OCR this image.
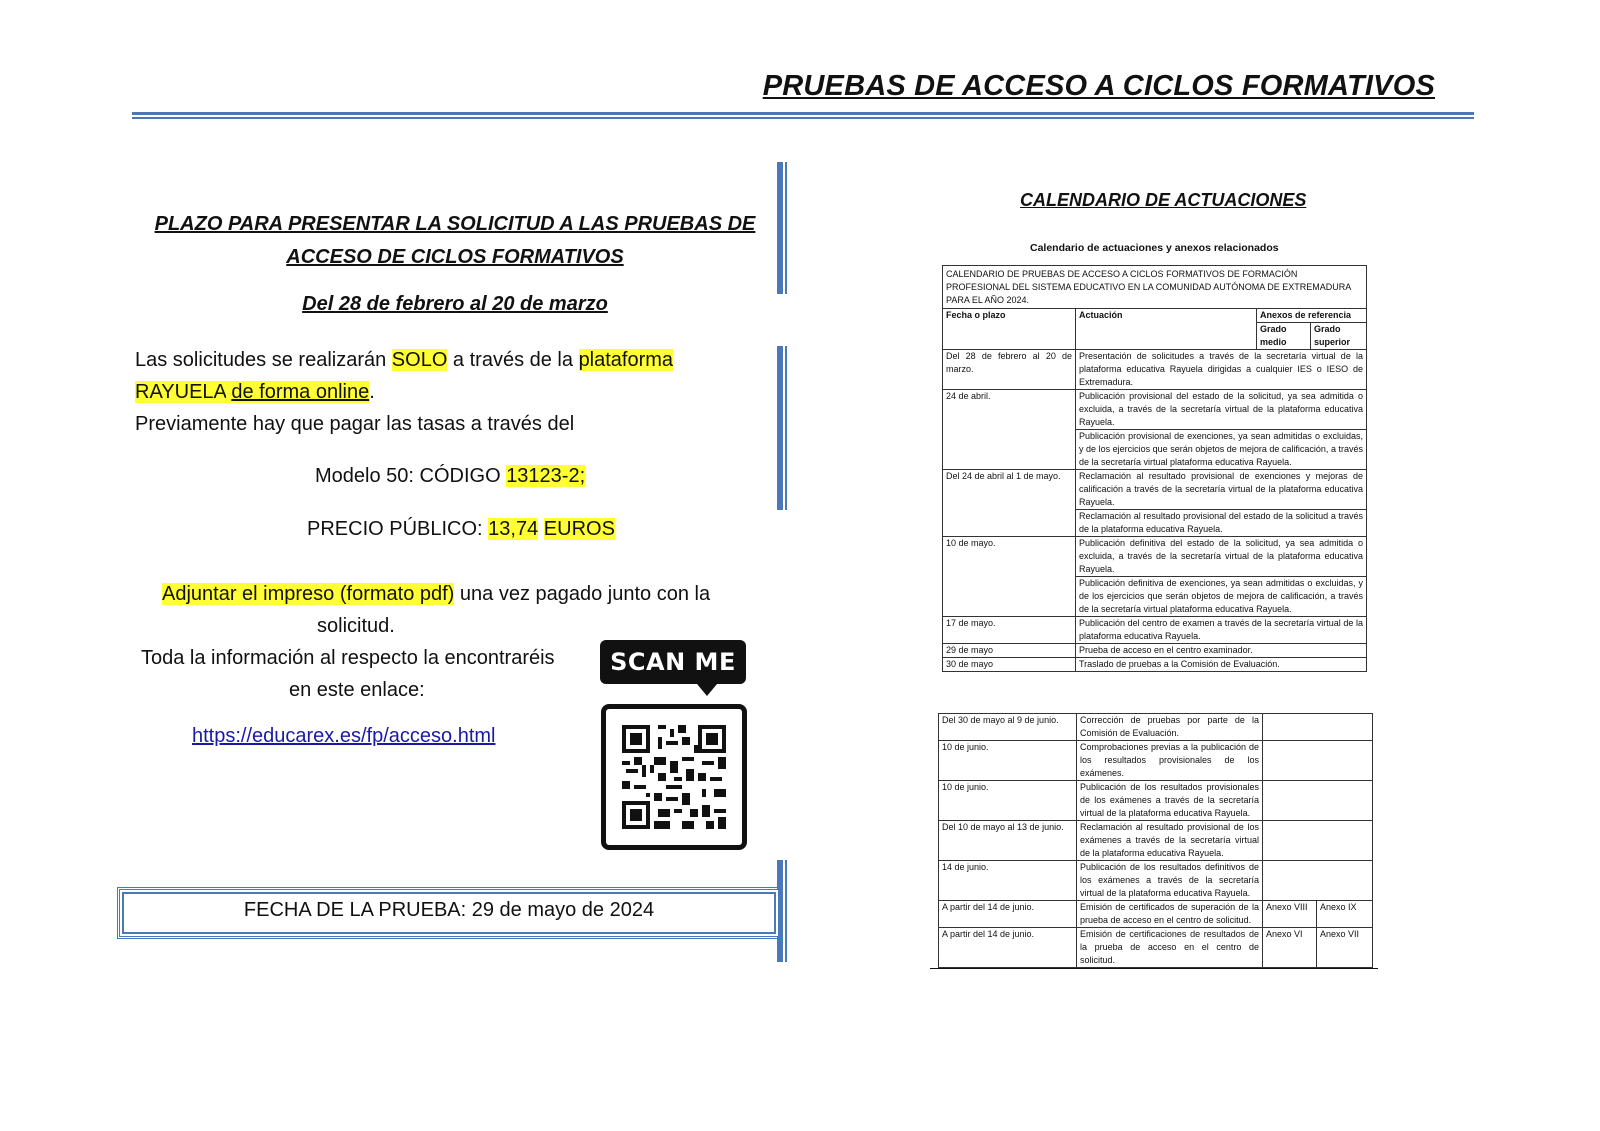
PRUEBAS DE ACCESO A CICLOS FORMATIVOS
PLAZO PARA PRESENTAR LA SOLICITUD A LAS PRUEBAS DE
ACCESO DE CICLOS FORMATIVOS
Del 28 de febrero al 20 de marzo
Las solicitudes se realizarán SOLO a través de la plataforma
RAYUELA de forma online.
Previamente hay que pagar las tasas a través del
Modelo 50: CÓDIGO 13123-2;
PRECIO PÚBLICO: 13,74 EUROS
Adjuntar el impreso (formato pdf) una vez pagado junto con la
solicitud.
Toda la información al respecto la encontraréis
en este enlace:
https://educarex.es/fp/acceso.html
SCAN ME
FECHA DE LA PRUEBA: 29 de mayo de 2024
CALENDARIO DE ACTUACIONES
Calendario de actuaciones y anexos relacionados
CALENDARIO DE PRUEBAS DE ACCESO A CICLOS FORMATIVOS DE FORMACIÓN PROFESIONAL DEL SISTEMA EDUCATIVO EN LA COMUNIDAD AUTÓNOMA DE EXTREMADURA PARA EL AÑO 2024.			
Fecha o plazo	Actuación	Anexos de referencia	
		Grado medio	Grado superior
Del 28 de febrero al 20 de marzo.	Presentación de solicitudes a través de la secretaría virtual de la plataforma educativa Rayuela dirigidas a cualquier IES o IESO de Extremadura.		
24 de abril.	Publicación provisional del estado de la solicitud, ya sea admitida o excluida, a través de la secretaría virtual de la plataforma educativa Rayuela.		
	Publicación provisional de exenciones, ya sean admitidas o excluidas, y de los ejercicios que serán objetos de mejora de calificación, a través de la secretaría virtual plataforma educativa Rayuela.		
Del 24 de abril al 1 de mayo.	Reclamación al resultado provisional de exenciones y mejoras de calificación a través de la secretaría virtual de la plataforma educativa Rayuela.		
	Reclamación al resultado provisional del estado de la solicitud a través de la plataforma educativa Rayuela.		
10 de mayo.	Publicación definitiva del estado de la solicitud, ya sea admitida o excluida, a través de la secretaría virtual de la plataforma educativa Rayuela.		
	Publicación definitiva de exenciones, ya sean admitidas o excluidas, y de los ejercicios que serán objetos de mejora de calificación, a través de la secretaría virtual plataforma educativa Rayuela.		
17 de mayo.	Publicación del centro de examen a través de la secretaría virtual de la plataforma educativa Rayuela.		
29 de mayo	Prueba de acceso en el centro examinador.		
30 de mayo	Traslado de pruebas a la Comisión de Evaluación.		
Del 30 de mayo al 9 de junio.	Corrección de pruebas por parte de la Comisión de Evaluación.		
10 de junio.	Comprobaciones previas a la publicación de los resultados provisionales de los exámenes.		
10 de junio.	Publicación de los resultados provisionales de los exámenes a través de la secretaría virtual de la plataforma educativa Rayuela.		
Del 10 de mayo al 13 de junio.	Reclamación al resultado provisional de los exámenes a través de la secretaría virtual de la plataforma educativa Rayuela.		
14 de junio.	Publicación de los resultados definitivos de los exámenes a través de la secretaría virtual de la plataforma educativa Rayuela.		
A partir del 14 de junio.	Emisión de certificados de superación de la prueba de acceso en el centro de solicitud.	Anexo VIII	Anexo IX
A partir del 14 de junio.	Emisión de certificaciones de resultados de la prueba de acceso en el centro de solicitud.	Anexo VI	Anexo VII
